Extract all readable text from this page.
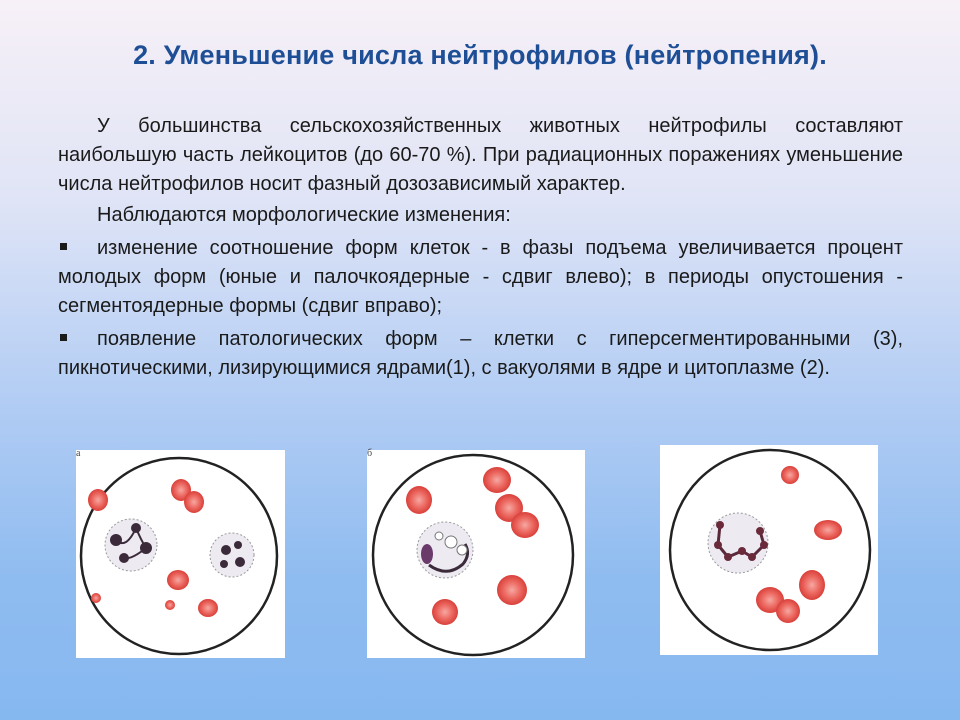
2. Уменьшение числа нейтрофилов (нейтропения).

У большинства сельскохозяйственных животных нейтрофилы составляют наибольшую часть лейкоцитов (до 60-70 %). При радиационных поражениях уменьшение числа нейтрофилов носит фазный дозозависимый характер.

Наблюдаются морфологические изменения:

изменение соотношение форм клеток - в фазы подъема увеличивается процент молодых форм (юные и палочкоядерные - сдвиг влево); в периоды опустошения - сегментоядерные формы (сдвиг вправо);

появление патологических форм – клетки с гиперсегментированными (3), пикнотическими, лизирующимися ядрами(1), с вакуолями в ядре и цитоплазме (2).

а	б
